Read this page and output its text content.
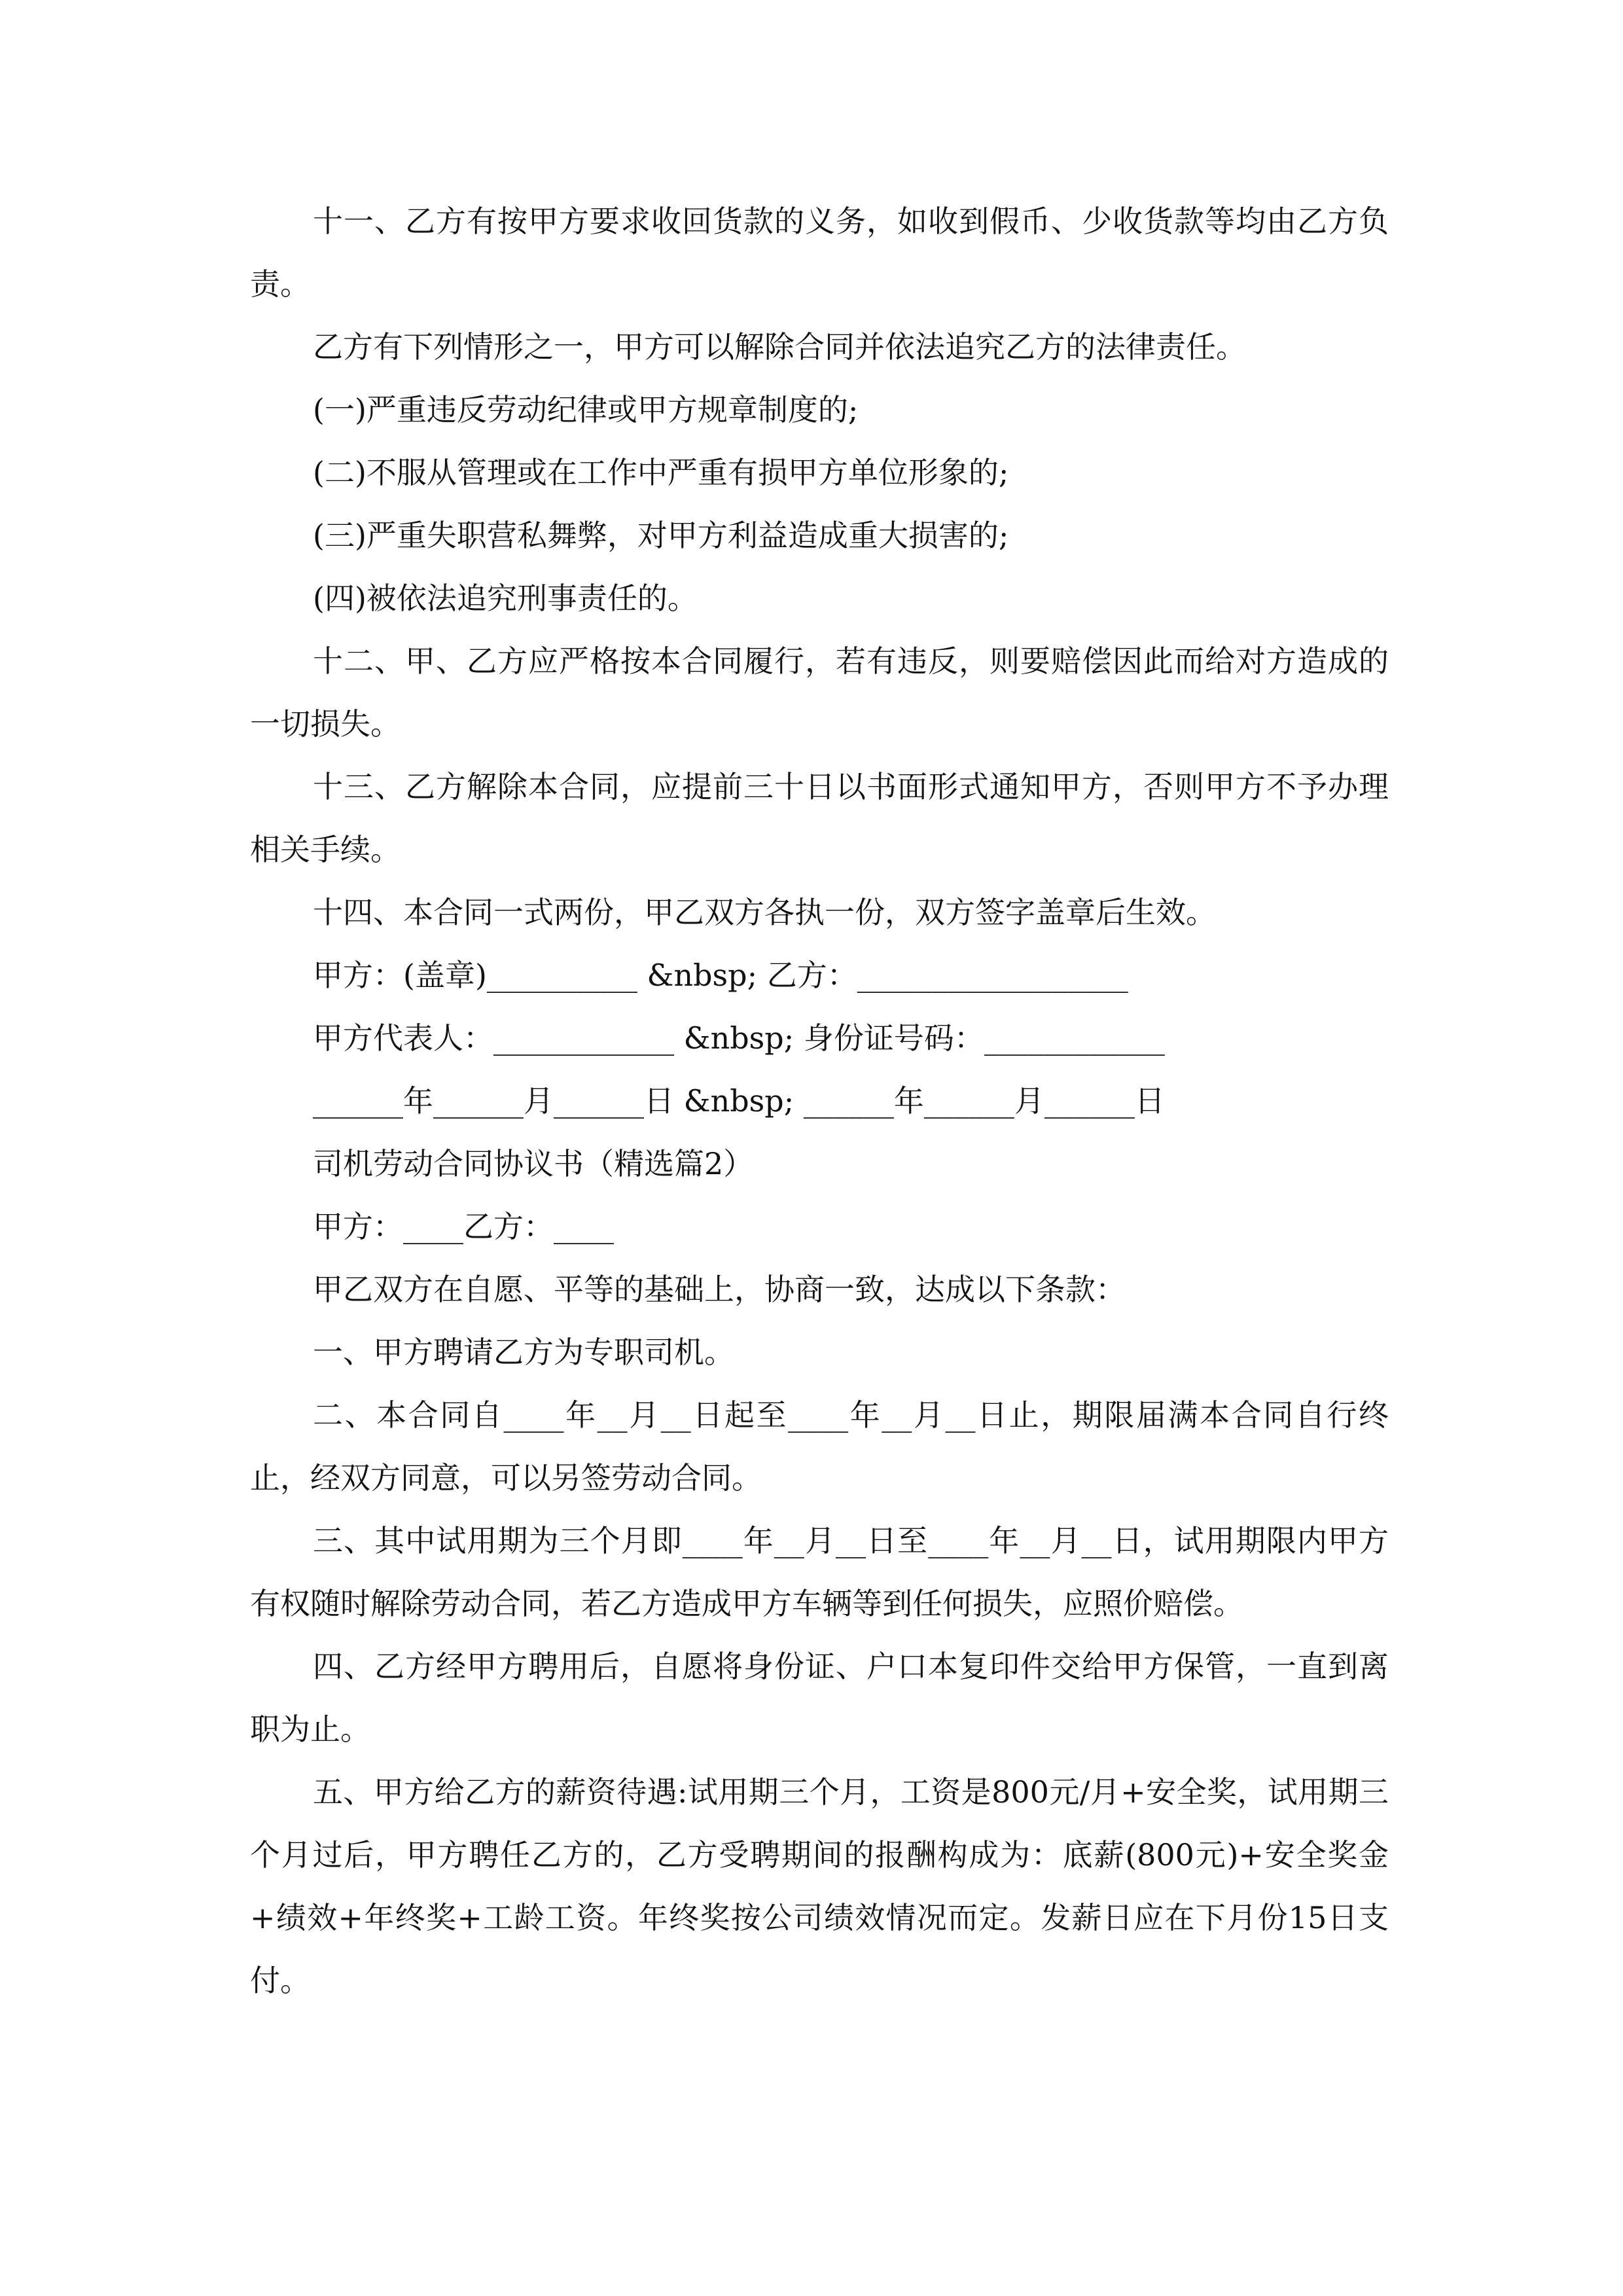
十一、乙方有按甲方要求收回货款的义务，如收到假币、少收货款等均由乙方负责。

乙方有下列情形之一，甲方可以解除合同并依法追究乙方的法律责任。

(一)严重违反劳动纪律或甲方规章制度的;

(二)不服从管理或在工作中严重有损甲方单位形象的;

(三)严重失职营私舞弊，对甲方利益造成重大损害的;

(四)被依法追究刑事责任的。

十二、甲、乙方应严格按本合同履行，若有违反，则要赔偿因此而给对方造成的一切损失。

十三、乙方解除本合同，应提前三十日以书面形式通知甲方，否则甲方不予办理相关手续。

十四、本合同一式两份，甲乙双方各执一份，双方签字盖章后生效。

甲方：(盖章)__________ &nbsp; 乙方：__________________

甲方代表人：____________ &nbsp; 身份证号码：____________

______年______月______日 &nbsp; ______年______月______日

司机劳动合同协议书（精选篇2）

甲方：____乙方：____

甲乙双方在自愿、平等的基础上，协商一致，达成以下条款：

一、甲方聘请乙方为专职司机。

二、本合同自____年__月__日起至____年__月__日止，期限届满本合同自行终止，经双方同意，可以另签劳动合同。

三、其中试用期为三个月即____年__月__日至____年__月__日，试用期限内甲方有权随时解除劳动合同，若乙方造成甲方车辆等到任何损失，应照价赔偿。

四、乙方经甲方聘用后，自愿将身份证、户口本复印件交给甲方保管，一直到离职为止。

五、甲方给乙方的薪资待遇:试用期三个月，工资是800元/月+安全奖，试用期三个月过后，甲方聘任乙方的，乙方受聘期间的报酬构成为：底薪(800元)+安全奖金+绩效+年终奖+工龄工资。年终奖按公司绩效情况而定。发薪日应在下月份15日支付。
